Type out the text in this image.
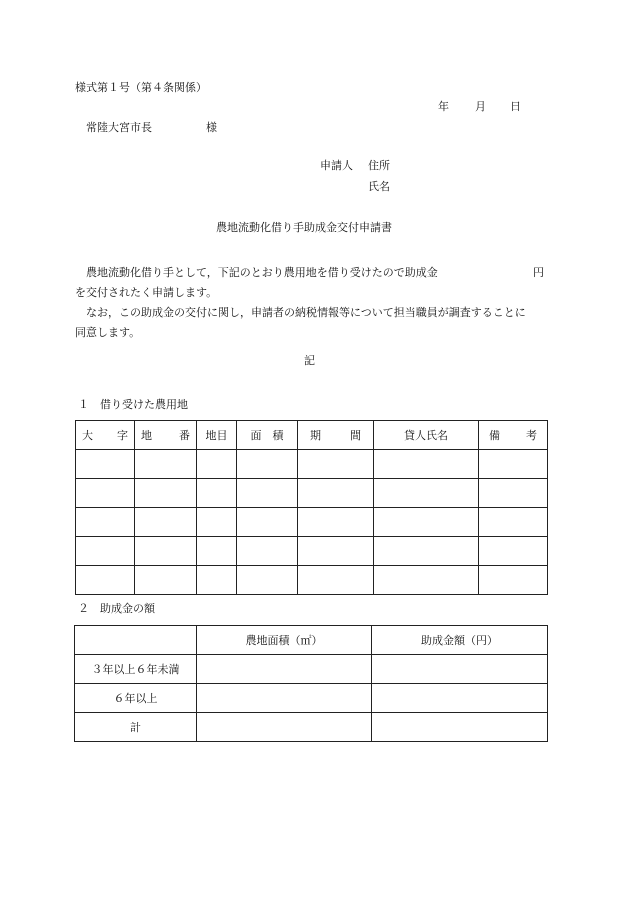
様式第１号（第４条関係）
年 月 日
常陸大宮市長	様
申請人 住所
氏名
農地流動化借り手助成金交付申請書
農地流動化借り手として，下記のとおり農用地を借り受けたので助成金	円
を交付されたく申請します。
なお，この助成金の交付に関し，申請者の納税情報等について担当職員が調査することに
同意します。
記
１　借り受けた農用地
大 字	地 番	地目	面　積	期 間	貸人氏名	備 考

２　助成金の額
	農地面積（㎡）	助成金額（円）
３年以上６年未満		
６年以上		
計		
